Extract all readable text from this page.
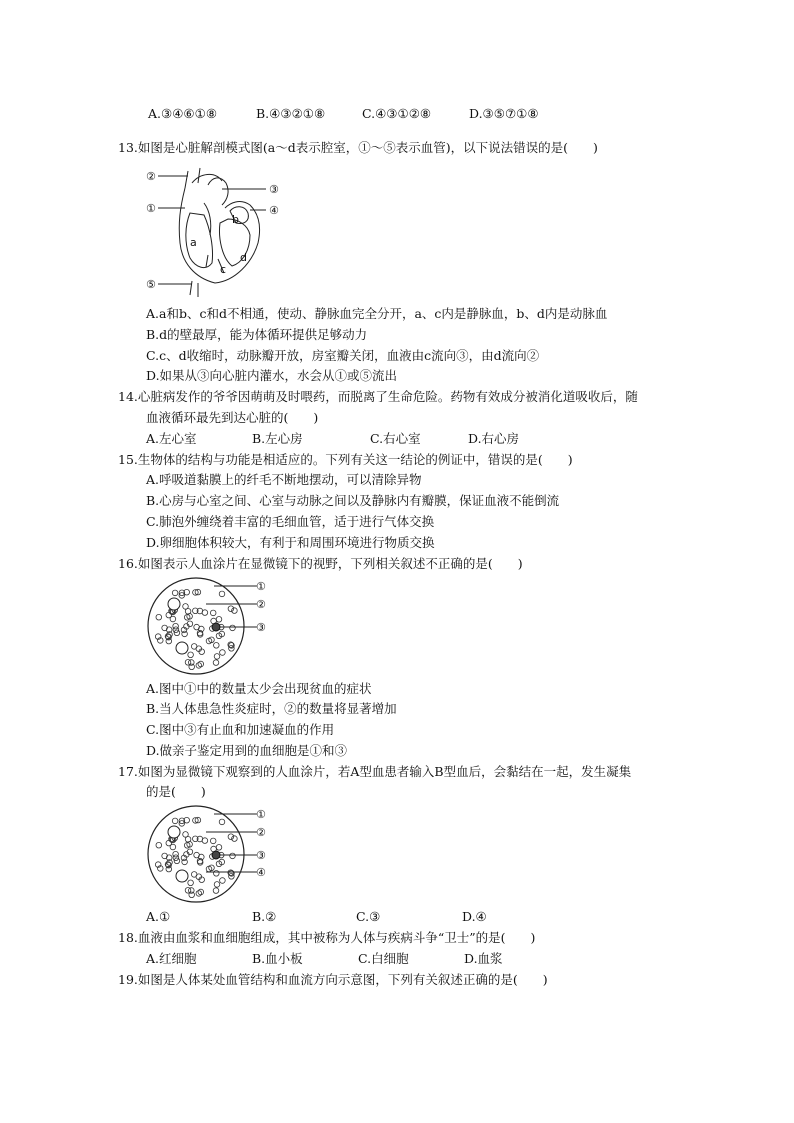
A.③④⑥①⑧	B.④③②①⑧	C.④③①②⑧	D.③⑤⑦①⑧
13.如图是心脏解剖模式图(a～d表示腔室，①～⑤表示血管)，以下说法错误的是(　　)
②
①
③
④
⑤
a
b
c
d
A.a和b、c和d不相通，使动、静脉血完全分开，a、c内是静脉血，b、d内是动脉血
B.d的壁最厚，能为体循环提供足够动力
C.c、d收缩时，动脉瓣开放，房室瓣关闭，血液由c流向③，由d流向②
D.如果从③向心脏内灌水，水会从①或⑤流出
14.心脏病发作的爷爷因萌萌及时喂药，而脱离了生命危险。药物有效成分被消化道吸收后，随
血液循环最先到达心脏的(　　)
A.左心室	B.左心房	C.右心室	D.右心房
15.生物体的结构与功能是相适应的。下列有关这一结论的例证中，错误的是(　　)
A.呼吸道黏膜上的纤毛不断地摆动，可以清除异物
B.心房与心室之间、心室与动脉之间以及静脉内有瓣膜，保证血液不能倒流
C.肺泡外缠绕着丰富的毛细血管，适于进行气体交换
D.卵细胞体积较大，有利于和周围环境进行物质交换
16.如图表示人血涂片在显微镜下的视野，下列相关叙述不正确的是(　　)
①
②
③
A.图中①中的数量太少会出现贫血的症状
B.当人体患急性炎症时，②的数量将显著增加
C.图中③有止血和加速凝血的作用
D.做亲子鉴定用到的血细胞是①和③
17.如图为显微镜下观察到的人血涂片，若A型血患者输入B型血后，会黏结在一起，发生凝集
的是(　　)
①
②
③
④
A.①	B.②	C.③	D.④
18.血液由血浆和血细胞组成，其中被称为人体与疾病斗争“卫士”的是(　　)
A.红细胞	B.血小板	C.白细胞	D.血浆
19.如图是人体某处血管结构和血流方向示意图，下列有关叙述正确的是(　　)
